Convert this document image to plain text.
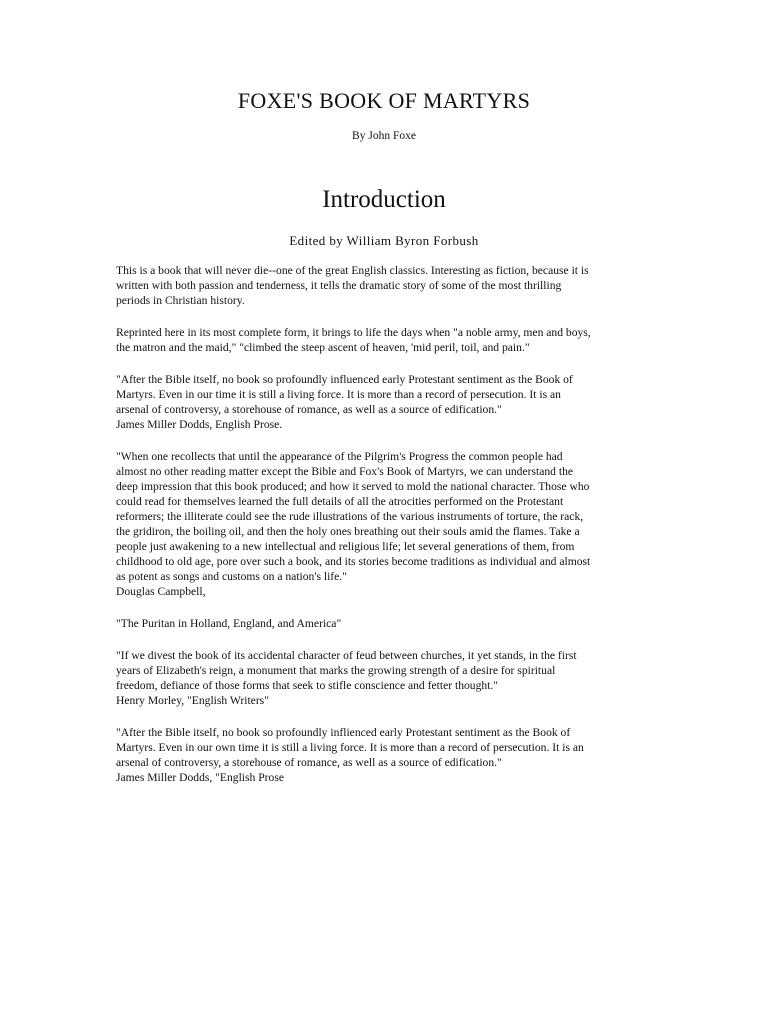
FOXE'S BOOK OF MARTYRS
By John Foxe
Introduction
Edited by William Byron Forbush

This is a book that will never die--one of the great English classics. Interesting as fiction, because it is
written with both passion and tenderness, it tells the dramatic story of some of the most thrilling
periods in Christian history.

Reprinted here in its most complete form, it brings to life the days when "a noble army, men and boys,
the matron and the maid," "climbed the steep ascent of heaven, 'mid peril, toil, and pain."

"After the Bible itself, no book so profoundly influenced early Protestant sentiment as the Book of
Martyrs. Even in our time it is still a living force. It is more than a record of persecution. It is an
arsenal of controversy, a storehouse of romance, as well as a source of edification."
James Miller Dodds, English Prose.

"When one recollects that until the appearance of the Pilgrim's Progress the common people had
almost no other reading matter except the Bible and Fox's Book of Martyrs, we can understand the
deep impression that this book produced; and how it served to mold the national character. Those who
could read for themselves learned the full details of all the atrocities performed on the Protestant
reformers; the illiterate could see the rude illustrations of the various instruments of torture, the rack,
the gridiron, the boiling oil, and then the holy ones breathing out their souls amid the flames. Take a
people just awakening to a new intellectual and religious life; let several generations of them, from
childhood to old age, pore over such a book, and its stories become traditions as individual and almost
as potent as songs and customs on a nation's life."
Douglas Campbell,

"The Puritan in Holland, England, and America"

"If we divest the book of its accidental character of feud between churches, it yet stands, in the first
years of Elizabeth's reign, a monument that marks the growing strength of a desire for spiritual
freedom, defiance of those forms that seek to stifle conscience and fetter thought."
Henry Morley, "English Writers"

"After the Bible itself, no book so profoundly inflienced early Protestant sentiment as the Book of
Martyrs. Even in our own time it is still a living force. It is more than a record of persecution. It is an
arsenal of controversy, a storehouse of romance, as well as a source of edification."
James Miller Dodds, "English Prose
